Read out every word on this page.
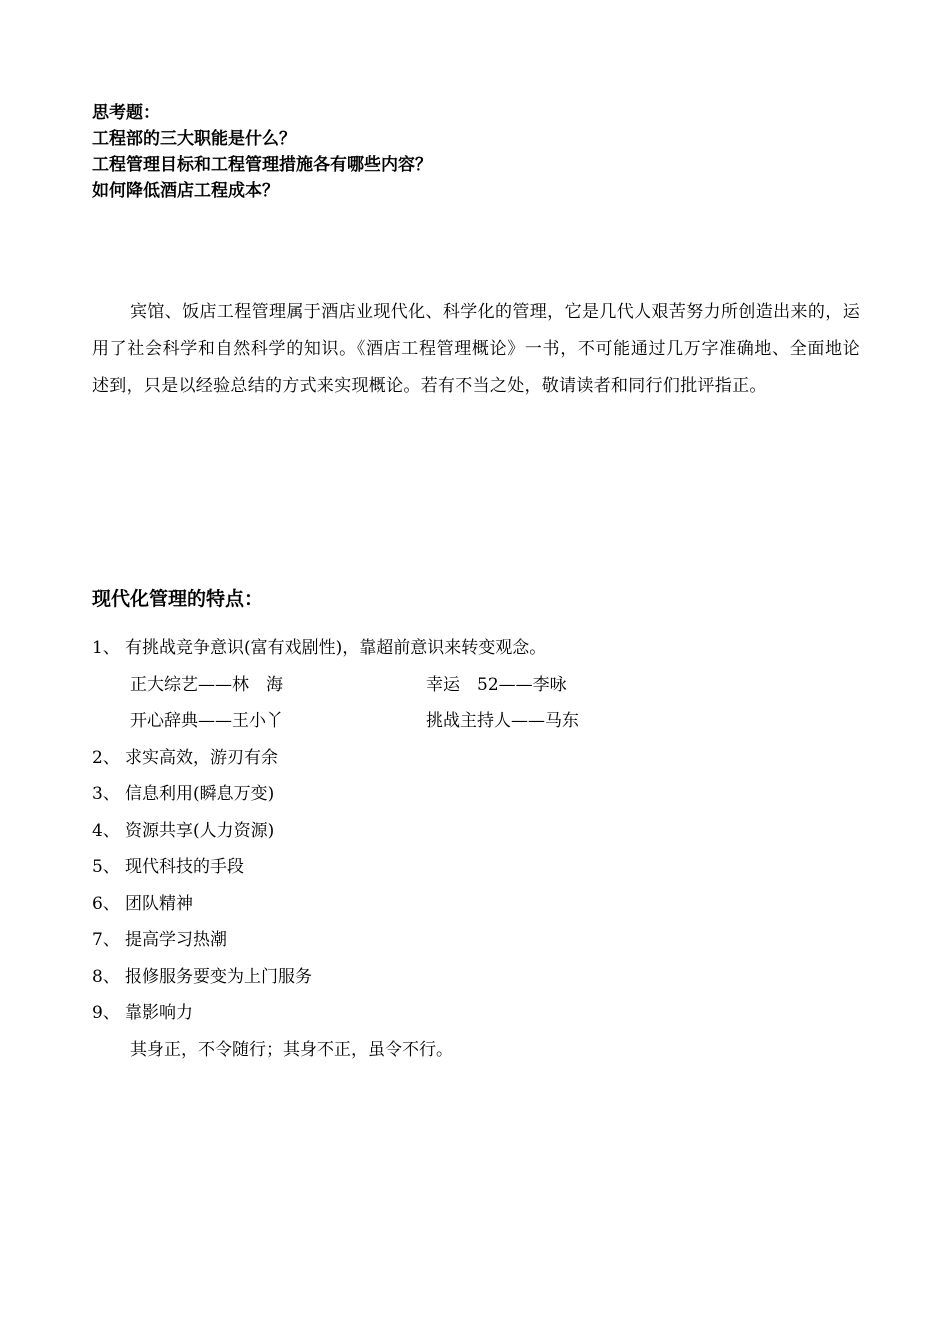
思考题：
工程部的三大职能是什么？
工程管理目标和工程管理措施各有哪些内容？
如何降低酒店工程成本？
宾馆、饭店工程管理属于酒店业现代化、科学化的管理，它是几代人艰苦努力所创造出来的，运用了社会科学和自然科学的知识。《酒店工程管理概论》一书，不可能通过几万字准确地、全面地论述到，只是以经验总结的方式来实现概论。若有不当之处，敬请读者和同行们批评指正。
现代化管理的特点：
1、 有挑战竞争意识(富有戏剧性)，靠超前意识来转变观念。
正大综艺——林　海	幸运　52——李咏
开心辞典——王小丫	挑战主持人——马东
2、 求实高效，游刃有余
3、 信息利用(瞬息万变)
4、 资源共享(人力资源)
5、 现代科技的手段
6、 团队精神
7、 提高学习热潮
8、 报修服务要变为上门服务
9、 靠影响力
其身正，不令随行；其身不正，虽令不行。
